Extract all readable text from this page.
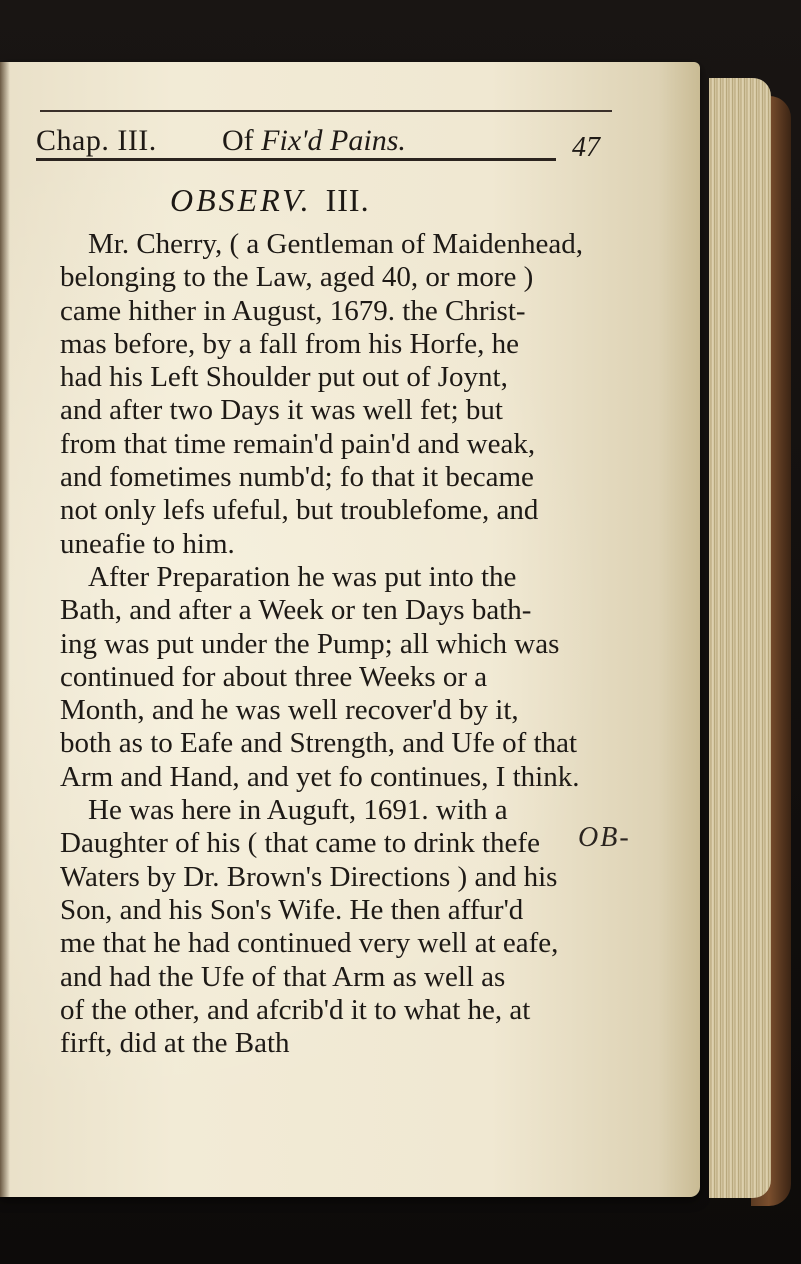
Chap. III. Of Fix'd Pains.	47
OBSERV. III.
Mr. Cherry, ( a Gentleman of Maidenhead,
belonging to the Law, aged 40, or more )
came hither in August, 1679. the Christ-
mas before, by a fall from his Horfe, he
had his Left Shoulder put out of Joynt,
and after two Days it was well fet; but
from that time remain'd pain'd and weak,
and fometimes numb'd; fo that it became
not only lefs ufeful, but troublefome, and
uneafie to him.
After Preparation he was put into the
Bath, and after a Week or ten Days bath-
ing was put under the Pump; all which was
continued for about three Weeks or a
Month, and he was well recover'd by it,
both as to Eafe and Strength, and Ufe of that
Arm and Hand, and yet fo continues, I think.
He was here in Auguft, 1691. with a
Daughter of his ( that came to drink thefe
Waters by Dr. Brown's Directions ) and his
Son, and his Son's Wife. He then affur'd
me that he had continued very well at eafe,
and had the Ufe of that Arm as well as
of the other, and afcrib'd it to what he, at
firft, did at the Bath
OB-
